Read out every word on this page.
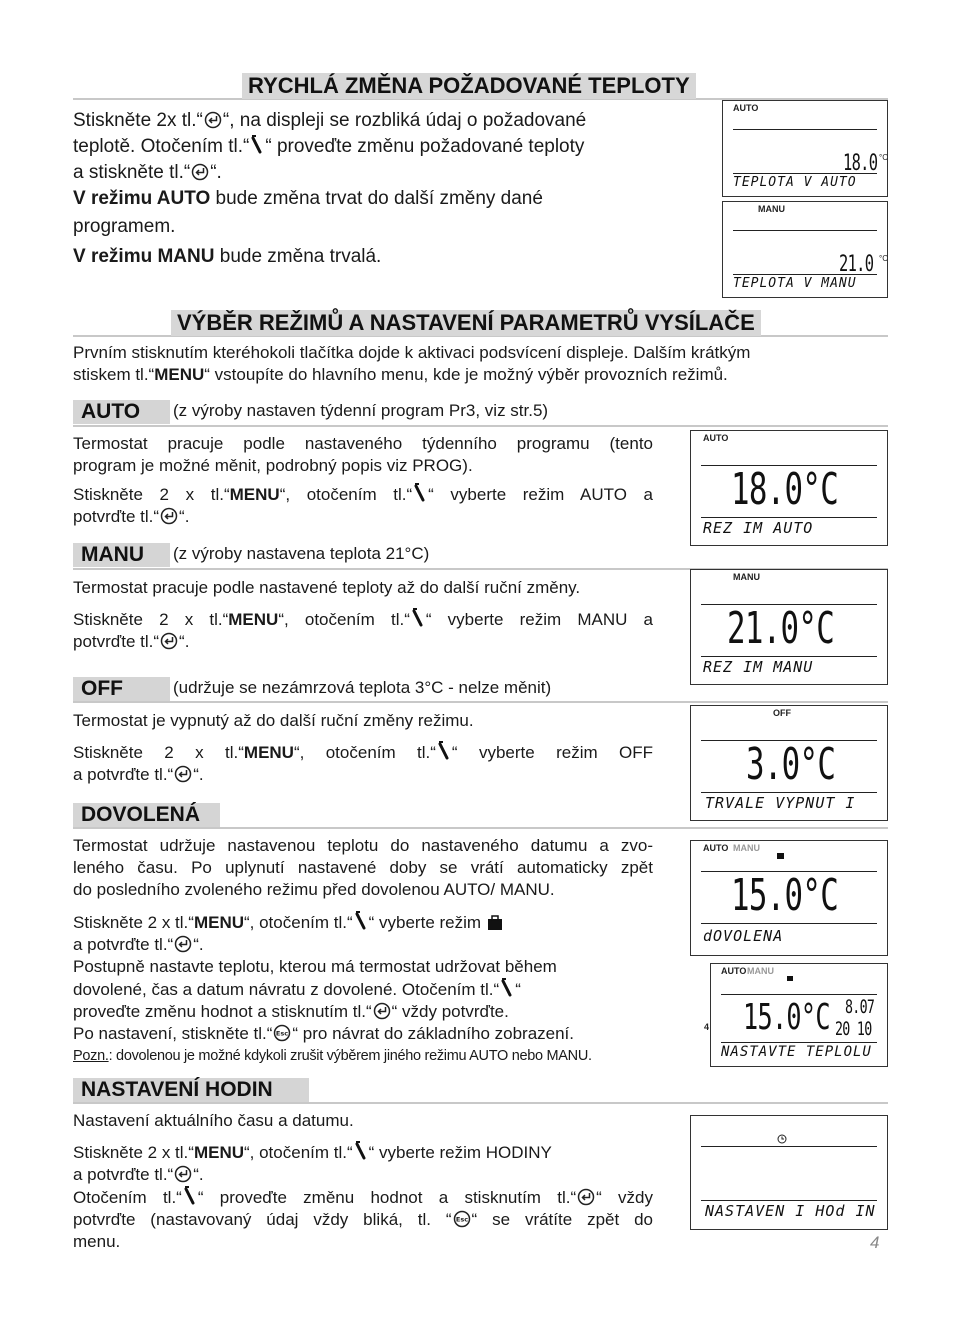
RYCHLÁ ZMĚNA POŽADOVANÉ TEPLOTY
Stiskněte 2x tl.“ “, na displeji se rozbliká údaj o požadované
teplotě. Otočením tl.“ “ proveďte změnu požadované teploty
a stiskněte tl.“ “.
V režimu AUTO bude změna trvat do další změny dané
programem.
V režimu MANU bude změna trvalá.
AUTO
18.0 °C
TEPLOTA V AUTO
MANU
21.0 °C
TEPLOTA V MANU
VÝBĚR REŽIMŮ A NASTAVENÍ PARAMETRŮ VYSÍLAČE
Prvním stisknutím kteréhokoli tlačítka dojde k aktivaci podsvícení displeje. Dalším krátkým
stiskem tl.“MENU“ vstoupíte do hlavního menu, kde je možný výběr provozních režimů.
AUTO	(z výroby nastaven týdenní program Pr3, viz str.5)
Termostat pracuje podle nastaveného týdenního programu (tento
program je možné měnit, podrobný popis viz PROG).
Stiskněte 2 x tl.“MENU“, otočením tl.“ “ vyberte režim AUTO a
potvrďte tl.“ “.
AUTO
18.0°C
REZ IM AUTO
MANU	(z výroby nastavena teplota 21°C)
Termostat pracuje podle nastavené teploty až do další ruční změny.
Stiskněte 2 x tl.“MENU“, otočením tl.“ “ vyberte režim MANU a
potvrďte tl.“ “.
MANU
21.0°C
REZ IM MANU
OFF	(udržuje se nezámrzová teplota 3°C - nelze měnit)
Termostat je vypnutý až do další ruční změny režimu.
Stiskněte 2 x tl.“MENU“, otočením tl.“ “ vyberte režim OFF
a potvrďte tl.“ “.
OFF
3.0°C
TRVALE VYPNUT I
DOVOLENÁ
Termostat udržuje nastavenou teplotu do nastaveného datumu a zvo-
leného času. Po uplynutí nastavené doby se vrátí automaticky zpět
do posledního zvoleného režimu před dovolenou AUTO/ MANU.
Stiskněte 2 x tl.“MENU“, otočením tl.“ “ vyberte režim
a potvrďte tl.“ “.
Postupně nastavte teplotu, kterou má termostat udržovat během
dovolené, čas a datum návratu z dovolené. Otočením tl.“ “
proveďte změnu hodnot a stisknutím tl.“ “ vždy potvrďte.
Po nastavení, stiskněte tl.“ Esc “ pro návrat do základního zobrazení.
Pozn.: dovolenou je možné kdykoli zrušit výběrem jiného režimu AUTO nebo MANU.
AUTO MANU
15.0°C
dOVOLENA
AUTO MANU
4 15.0°C 8.07
20 10
NASTAVTE TEPLOLU
NASTAVENÍ HODIN
Nastavení aktuálního času a datumu.
Stiskněte 2 x tl.“MENU“, otočením tl.“ “ vyberte režim HODINY
a potvrďte tl.“ “.
Otočením tl.“ “ proveďte změnu hodnot a stisknutím tl.“ “ vždy
potvrďte (nastavovaný údaj vždy bliká, tl. “ Esc “ se vrátíte zpět do
menu.
NASTAVEN I HOd IN
4
